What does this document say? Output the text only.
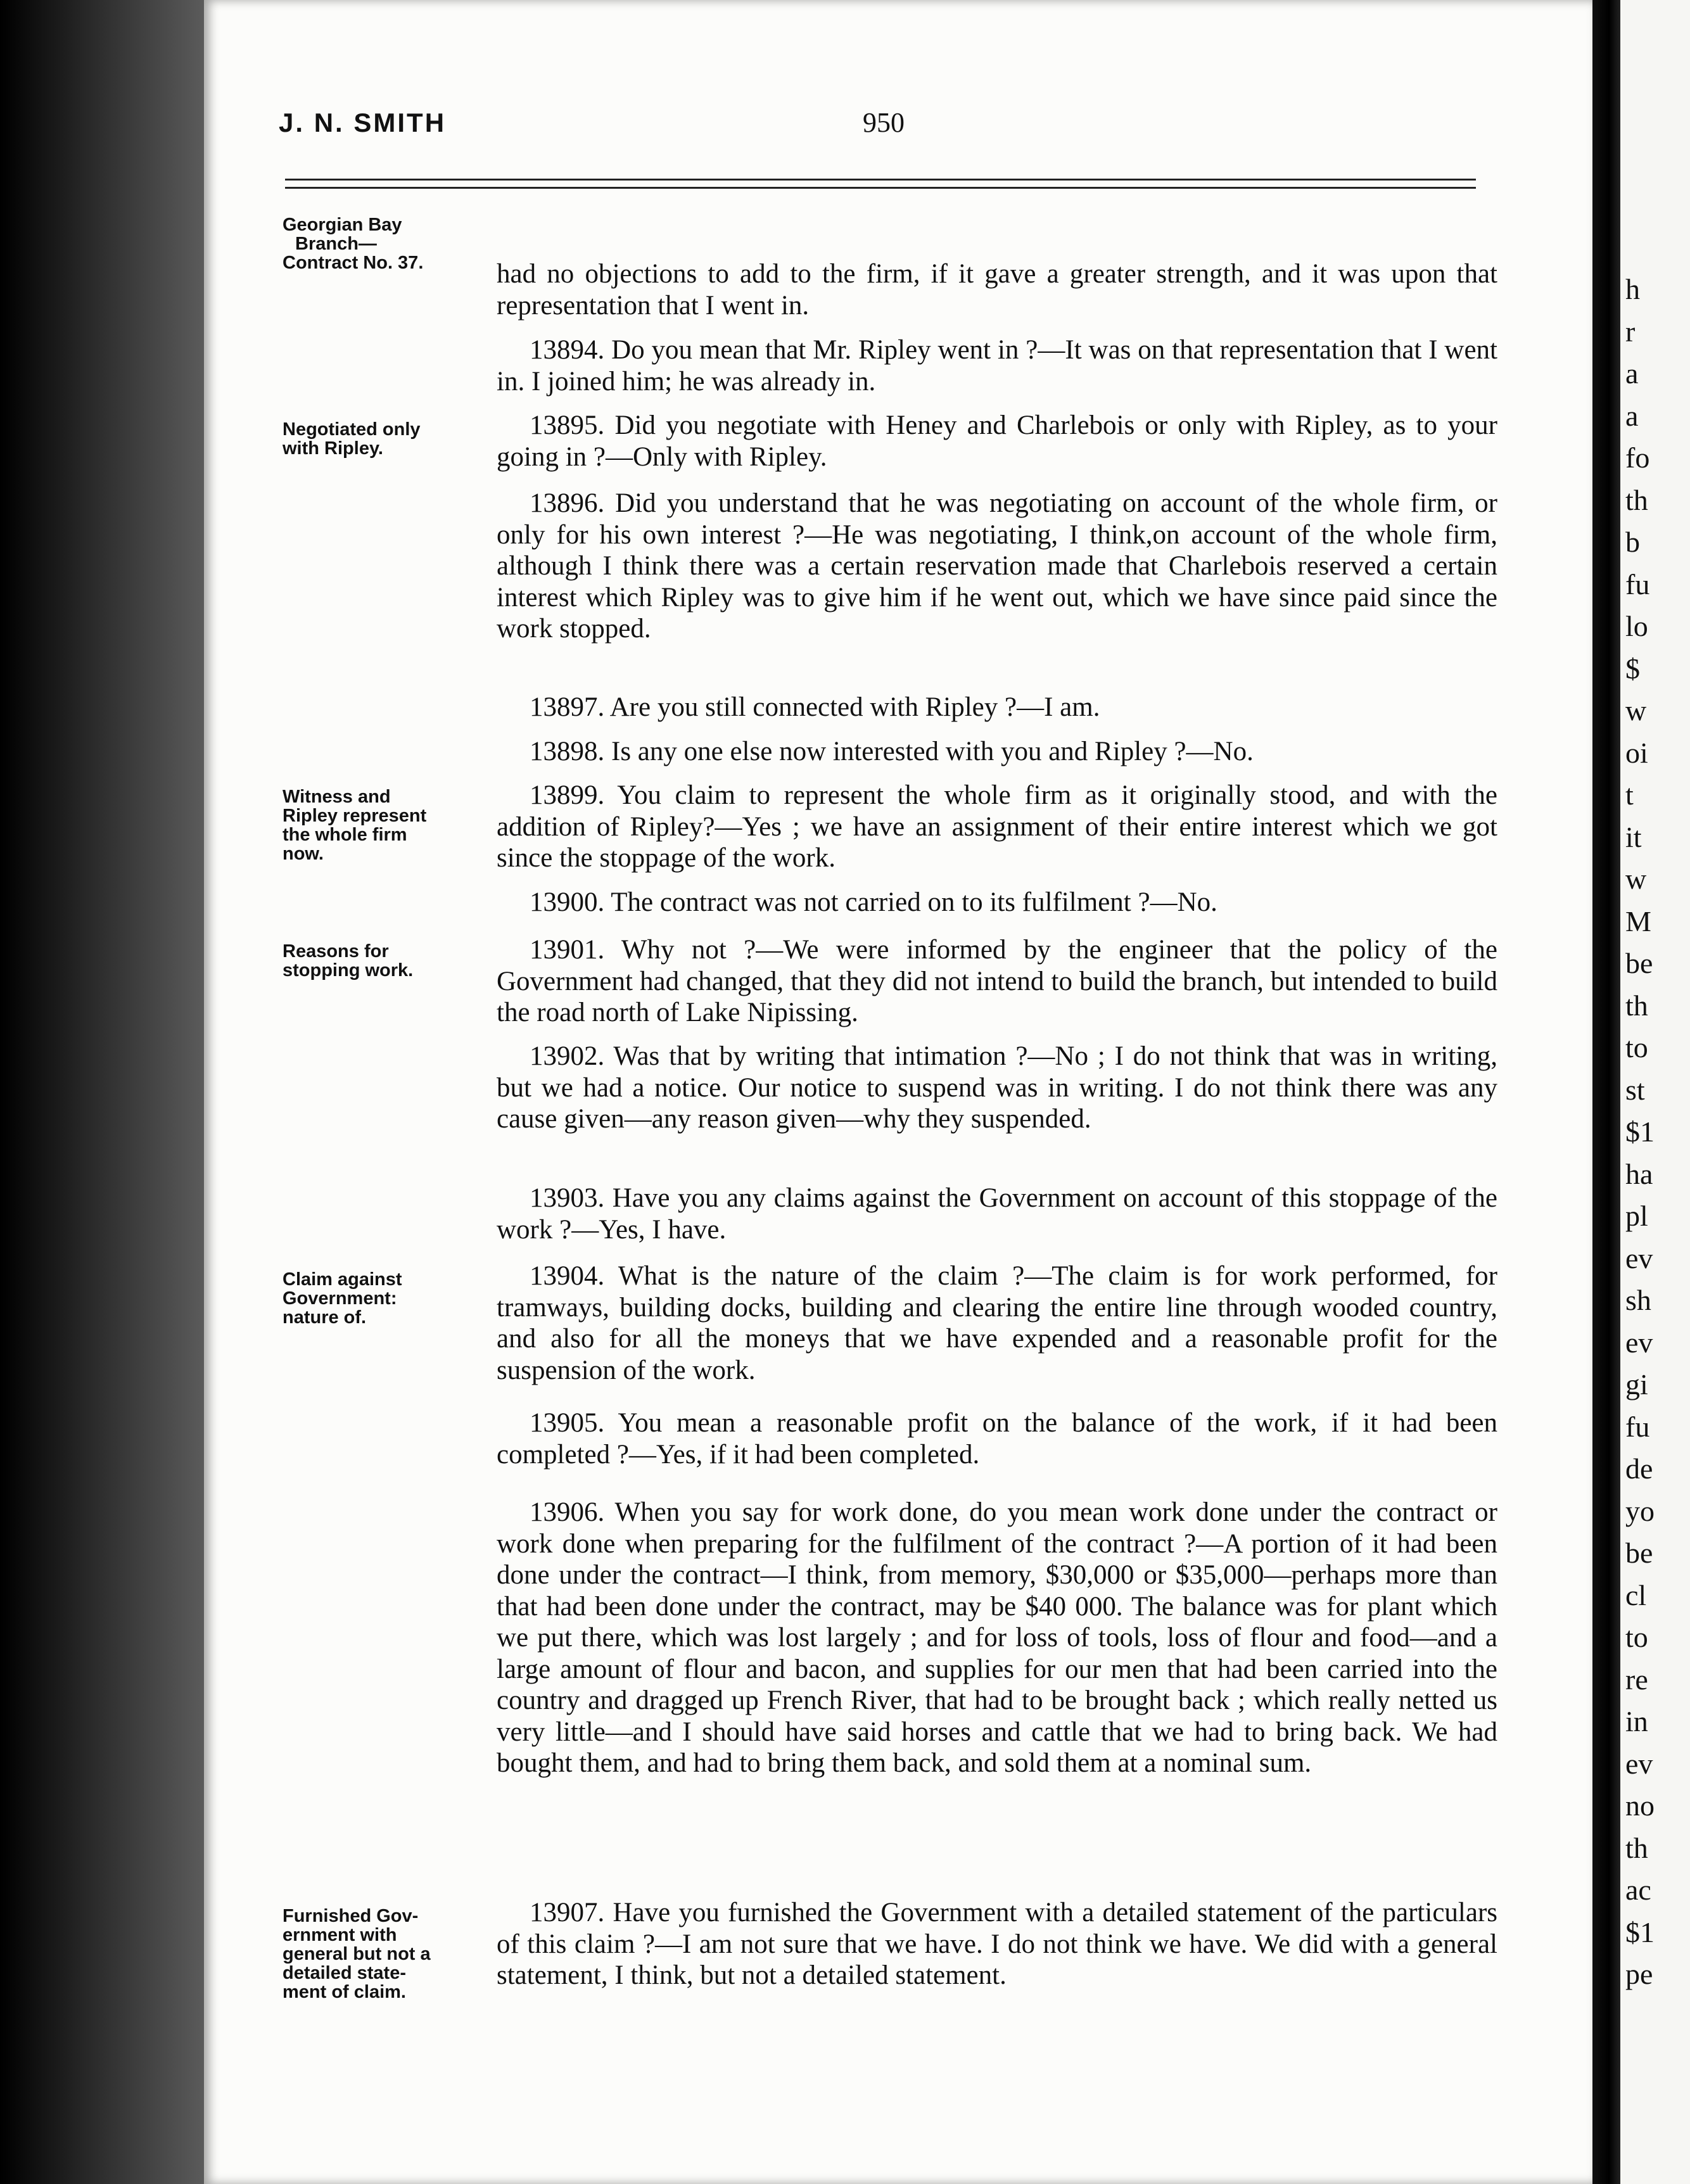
J. N. SMITH	950
Georgian Bay
Branch—
Contract No. 37.
Negotiated only
with Ripley.
Witness and
Ripley represent
the whole firm
now.
Reasons for
stopping work.
Claim against
Government:
nature of.
Furnished Gov-
ernment with
general but not a
detailed state-
ment of claim.

had no objections to add to the firm, if it gave a greater strength, and it was upon that representation that I went in.

13894. Do you mean that Mr. Ripley went in ?—It was on that representation that I went in. I joined him; he was already in.

13895. Did you negotiate with Heney and Charlebois or only with Ripley, as to your going in ?—Only with Ripley.

13896. Did you understand that he was negotiating on account of the whole firm, or only for his own interest ?—He was negotiating, I think,on account of the whole firm, although I think there was a certain reservation made that Charlebois reserved a certain interest which Ripley was to give him if he went out, which we have since paid since the work stopped.

13897. Are you still connected with Ripley ?—I am.

13898. Is any one else now interested with you and Ripley ?—No.

13899. You claim to represent the whole firm as it originally stood, and with the addition of Ripley?—Yes ; we have an assignment of their entire interest which we got since the stoppage of the work.

13900. The contract was not carried on to its fulfilment ?—No.

13901. Why not ?—We were informed by the engineer that the policy of the Government had changed, that they did not intend to build the branch, but intended to build the road north of Lake Nipissing.

13902. Was that by writing that intimation ?—No ; I do not think that was in writing, but we had a notice. Our notice to suspend was in writing. I do not think there was any cause given—any reason given—why they suspended.

13903. Have you any claims against the Government on account of this stoppage of the work ?—Yes, I have.

13904. What is the nature of the claim ?—The claim is for work performed, for tramways, building docks, building and clearing the entire line through wooded country, and also for all the moneys that we have expended and a reasonable profit for the suspension of the work.

13905. You mean a reasonable profit on the balance of the work, if it had been completed ?—Yes, if it had been completed.

13906. When you say for work done, do you mean work done under the contract or work done when preparing for the fulfilment of the contract ?—A portion of it had been done under the contract—I think, from memory, $30,000 or $35,000—perhaps more than that had been done under the contract, may be $40 000. The balance was for plant which we put there, which was lost largely ; and for loss of tools, loss of flour and food—and a large amount of flour and bacon, and supplies for our men that had been carried into the country and dragged up French River, that had to be brought back ; which really netted us very little—and I should have said horses and cattle that we had to bring back. We had bought them, and had to bring them back, and sold them at a nominal sum.

13907. Have you furnished the Government with a detailed statement of the particulars of this claim ?—I am not sure that we have. I do not think we have. We did with a general statement, I think, but not a detailed statement.

h
r
a
a
fo
th
b
fu
lo
$
w
oi
t
it
w
M
be
th
to
st
$1
ha
pl
ev
sh
ev
gi
fu
de
yo
be
cl
to
re
in
ev
no
th
ac
$1
pe
